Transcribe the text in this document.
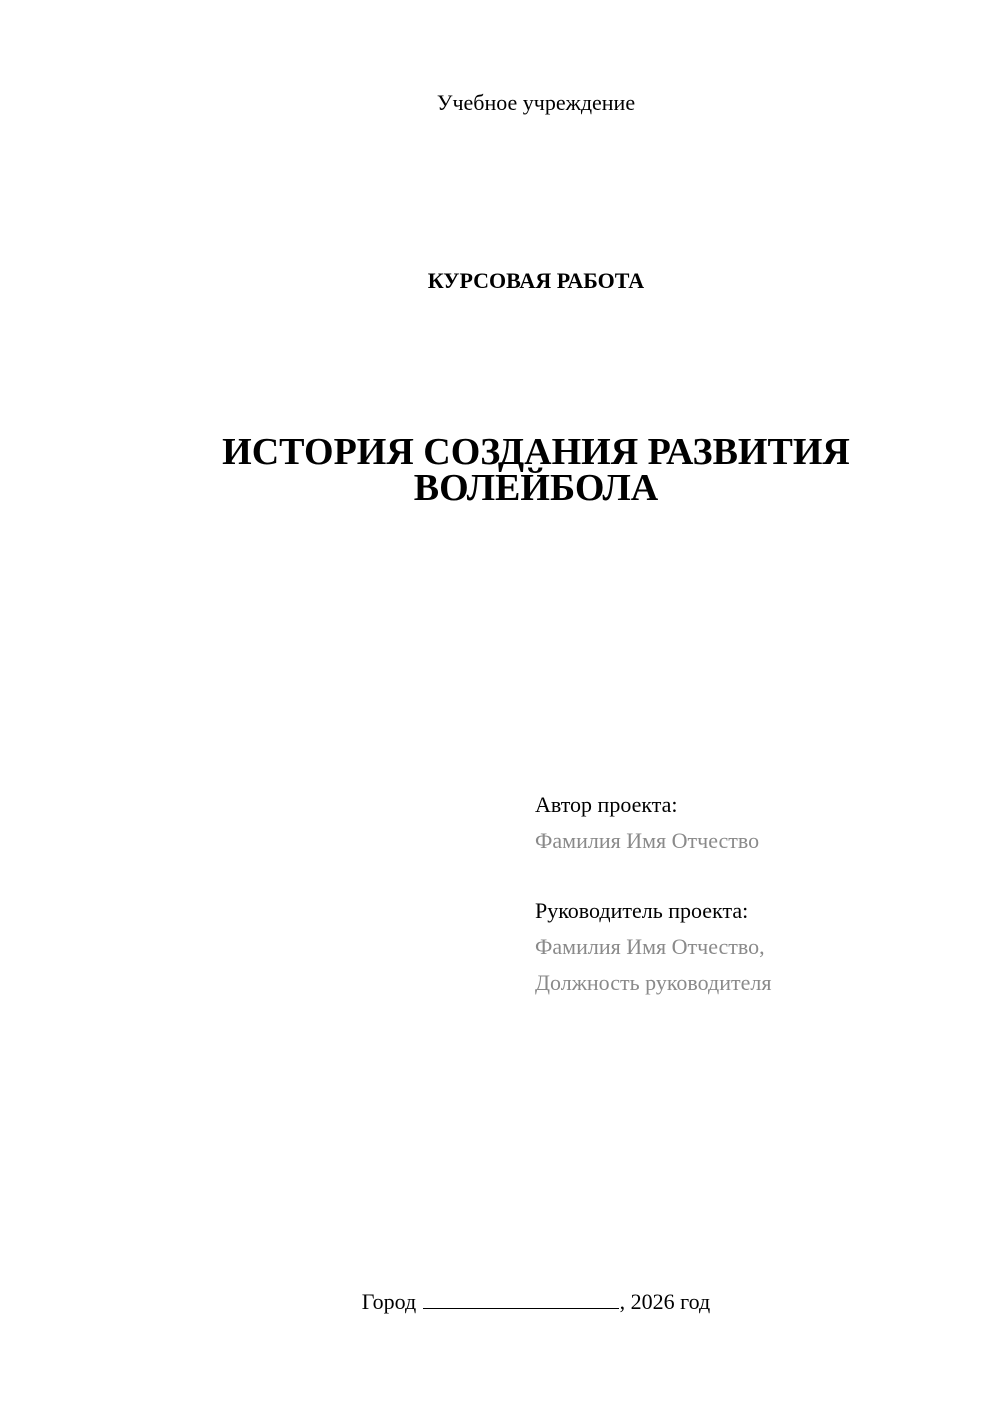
Учебное учреждение
КУРСОВАЯ РАБОТА
ИСТОРИЯ СОЗДАНИЯ РАЗВИТИЯ
ВОЛЕЙБОЛА
Автор проекта:
Фамилия Имя Отчество
Руководитель проекта:
Фамилия Имя Отчество,
Должность руководителя
Город	, 2026 год
